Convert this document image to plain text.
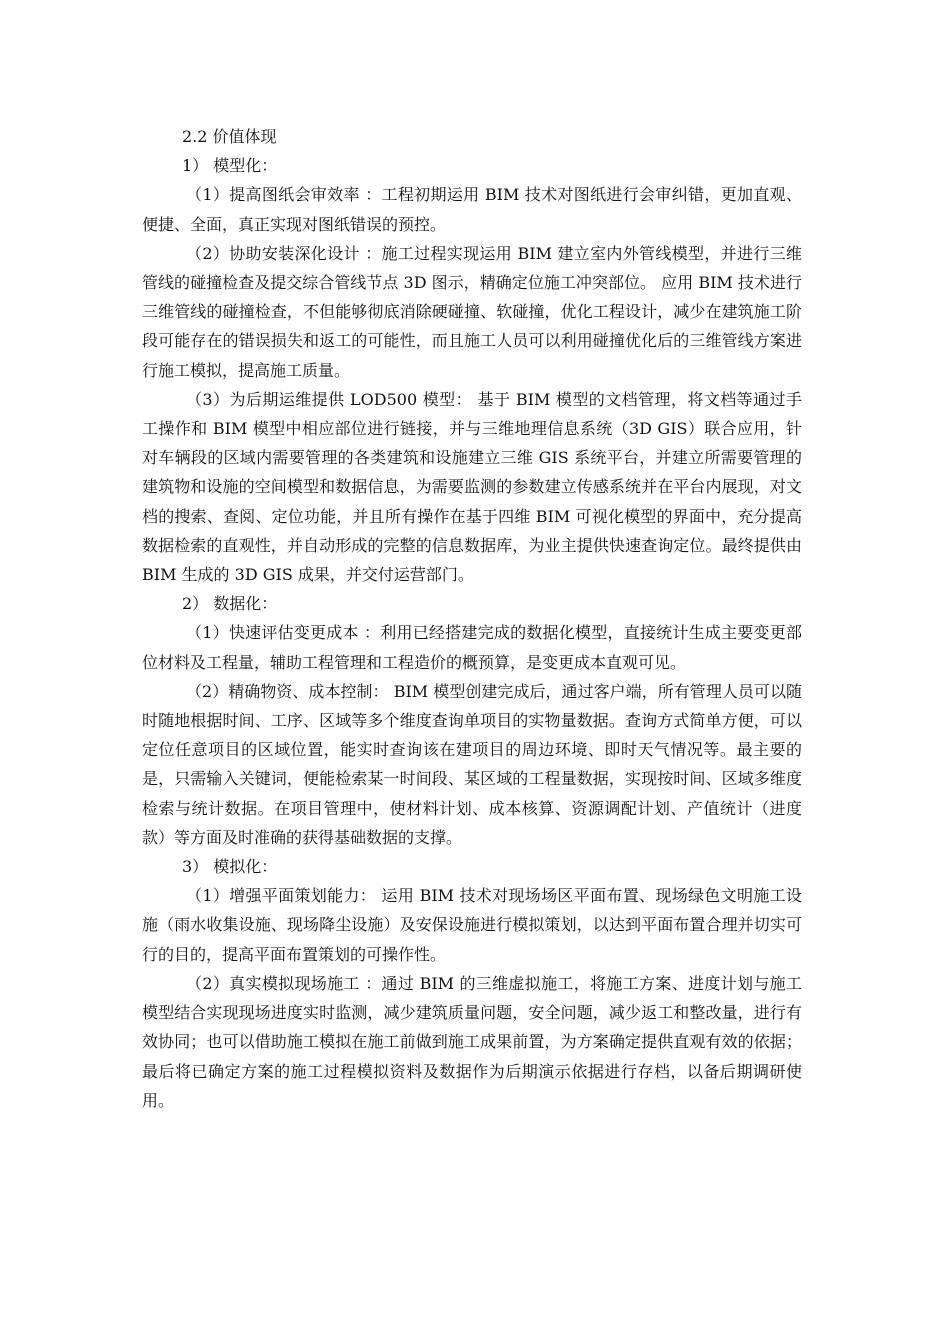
2.2 价值体现

1） 模型化：

（1）提高图纸会审效率 ：工程初期运用 BIM 技术对图纸进行会审纠错，更加直观、便捷、全面，真正实现对图纸错误的预控。

（2）协助安装深化设计 ：施工过程实现运用 BIM 建立室内外管线模型，并进行三维管线的碰撞检查及提交综合管线节点 3D 图示，精确定位施工冲突部位。 应用 BIM 技术进行三维管线的碰撞检查，不但能够彻底消除硬碰撞、软碰撞，优化工程设计，减少在建筑施工阶段可能存在的错误损失和返工的可能性，而且施工人员可以利用碰撞优化后的三维管线方案进行施工模拟，提高施工质量。

（3）为后期运维提供 LOD500 模型： 基于 BIM 模型的文档管理，将文档等通过手工操作和 BIM 模型中相应部位进行链接，并与三维地理信息系统（3D GIS）联合应用，针对车辆段的区域内需要管理的各类建筑和设施建立三维 GIS 系统平台，并建立所需要管理的建筑物和设施的空间模型和数据信息，为需要监测的参数建立传感系统并在平台内展现，对文档的搜索、查阅、定位功能，并且所有操作在基于四维 BIM 可视化模型的界面中，充分提高数据检索的直观性，并自动形成的完整的信息数据库，为业主提供快速查询定位。最终提供由 BIM 生成的 3D GIS 成果，并交付运营部门。

2） 数据化：

（1）快速评估变更成本 ：利用已经搭建完成的数据化模型，直接统计生成主要变更部位材料及工程量，辅助工程管理和工程造价的概预算，是变更成本直观可见。

（2）精确物资、成本控制： BIM 模型创建完成后，通过客户端，所有管理人员可以随时随地根据时间、工序、区域等多个维度查询单项目的实物量数据。查询方式简单方便，可以定位任意项目的区域位置，能实时查询该在建项目的周边环境、即时天气情况等。最主要的是，只需输入关键词，便能检索某一时间段、某区域的工程量数据，实现按时间、区域多维度检索与统计数据。在项目管理中，使材料计划、成本核算、资源调配计划、产值统计（进度款）等方面及时准确的获得基础数据的支撑。

3） 模拟化：

（1）增强平面策划能力： 运用 BIM 技术对现场场区平面布置、现场绿色文明施工设施（雨水收集设施、现场降尘设施）及安保设施进行模拟策划，以达到平面布置合理并切实可行的目的，提高平面布置策划的可操作性。

（2）真实模拟现场施工 ：通过 BIM 的三维虚拟施工，将施工方案、进度计划与施工模型结合实现现场进度实时监测，减少建筑质量问题，安全问题，减少返工和整改量，进行有效协同；也可以借助施工模拟在施工前做到施工成果前置，为方案确定提供直观有效的依据；最后将已确定方案的施工过程模拟资料及数据作为后期演示依据进行存档，以备后期调研使用。
